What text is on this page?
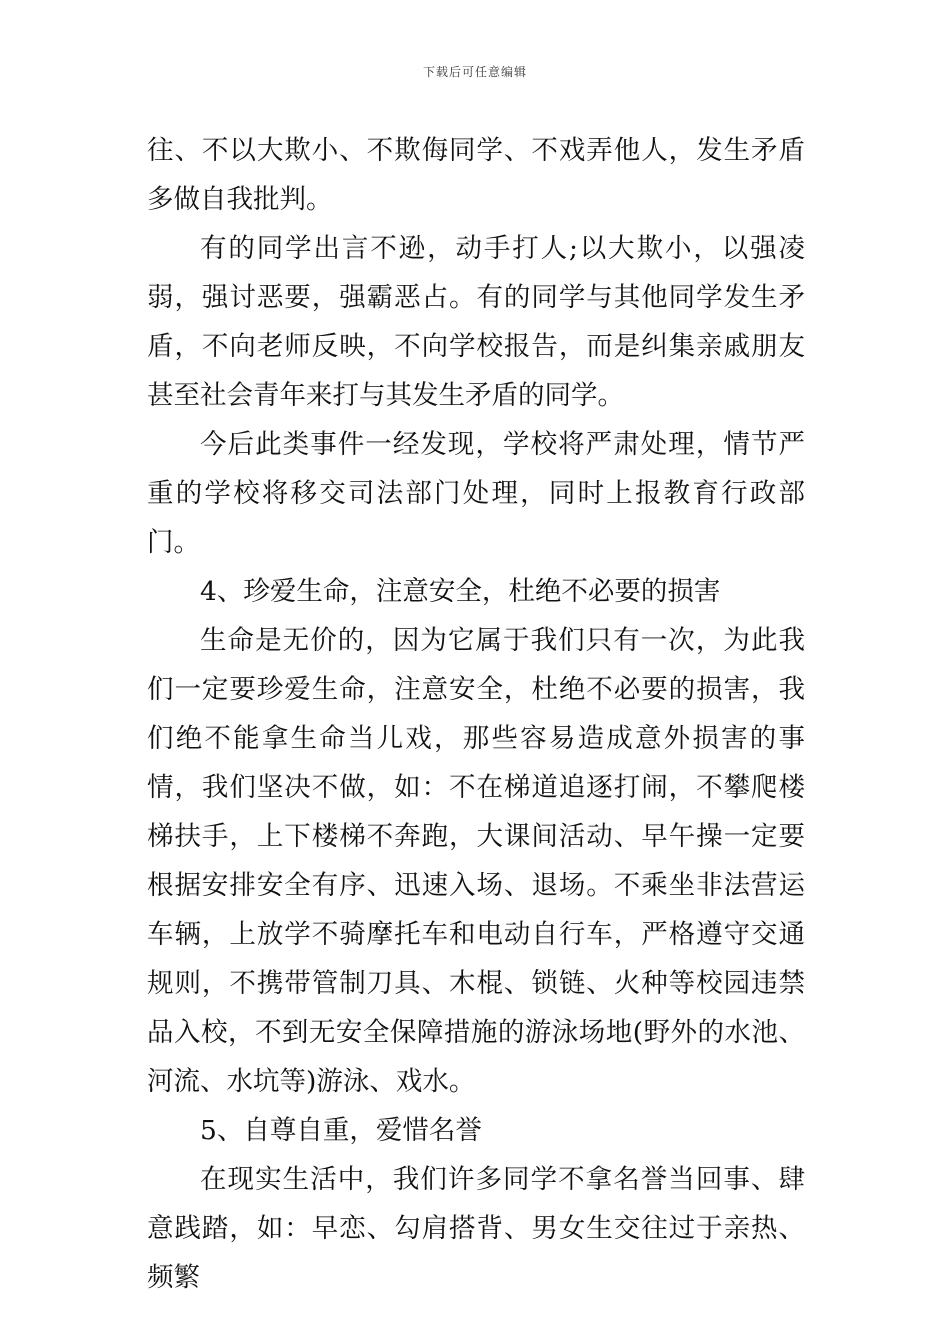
下载后可任意编辑

往、不以大欺小、不欺侮同学、不戏弄他人，发生矛盾多做自我批判。

有的同学出言不逊，动手打人;以大欺小，以强凌弱，强讨恶要，强霸恶占。有的同学与其他同学发生矛盾，不向老师反映，不向学校报告，而是纠集亲戚朋友甚至社会青年来打与其发生矛盾的同学。

今后此类事件一经发现，学校将严肃处理，情节严重的学校将移交司法部门处理，同时上报教育行政部门。

4、珍爱生命，注意安全，杜绝不必要的损害

生命是无价的，因为它属于我们只有一次，为此我们一定要珍爱生命，注意安全，杜绝不必要的损害，我们绝不能拿生命当儿戏，那些容易造成意外损害的事情，我们坚决不做，如：不在梯道追逐打闹，不攀爬楼梯扶手，上下楼梯不奔跑，大课间活动、早午操一定要根据安排安全有序、迅速入场、退场。不乘坐非法营运车辆，上放学不骑摩托车和电动自行车，严格遵守交通规则，不携带管制刀具、木棍、锁链、火种等校园违禁品入校，不到无安全保障措施的游泳场地(野外的水池、河流、水坑等)游泳、戏水。

5、自尊自重，爱惜名誉

在现实生活中，我们许多同学不拿名誉当回事、肆意践踏，如：早恋、勾肩搭背、男女生交往过于亲热、频繁
